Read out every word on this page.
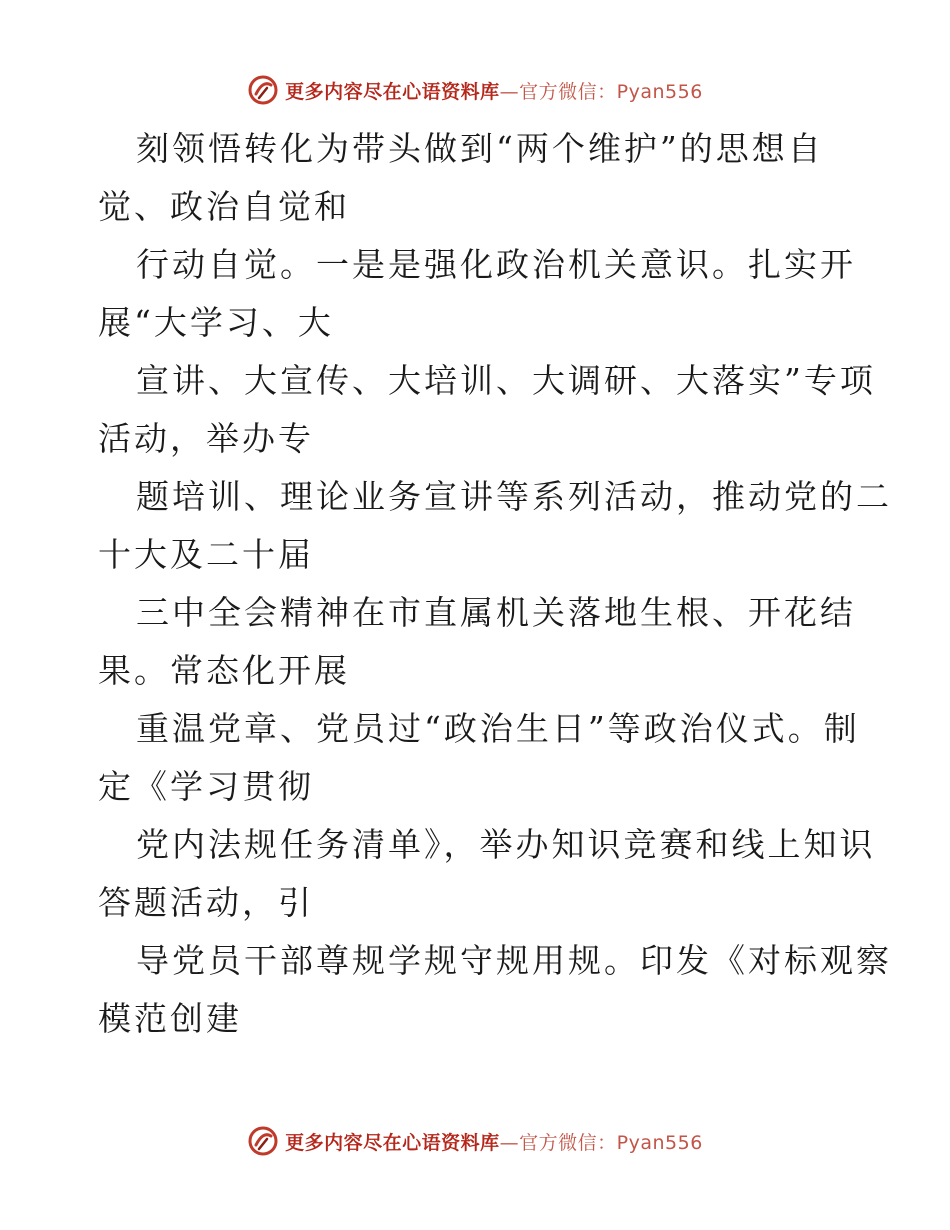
更多内容尽在心语资料库—官方微信：Pyan556
刻领悟转化为带头做到“两个维护”的思想自
觉、政治自觉和
行动自觉。一是是强化政治机关意识。扎实开
展“大学习、大
宣讲、大宣传、大培训、大调研、大落实”专项
活动，举办专
题培训、理论业务宣讲等系列活动，推动党的二
十大及二十届
三中全会精神在市直属机关落地生根、开花结
果。常态化开展
重温党章、党员过“政治生日”等政治仪式。制
定《学习贯彻
党内法规任务清单》，举办知识竞赛和线上知识
答题活动，引
导党员干部尊规学规守规用规。印发《对标观察
模范创建
更多内容尽在心语资料库—官方微信：Pyan556
